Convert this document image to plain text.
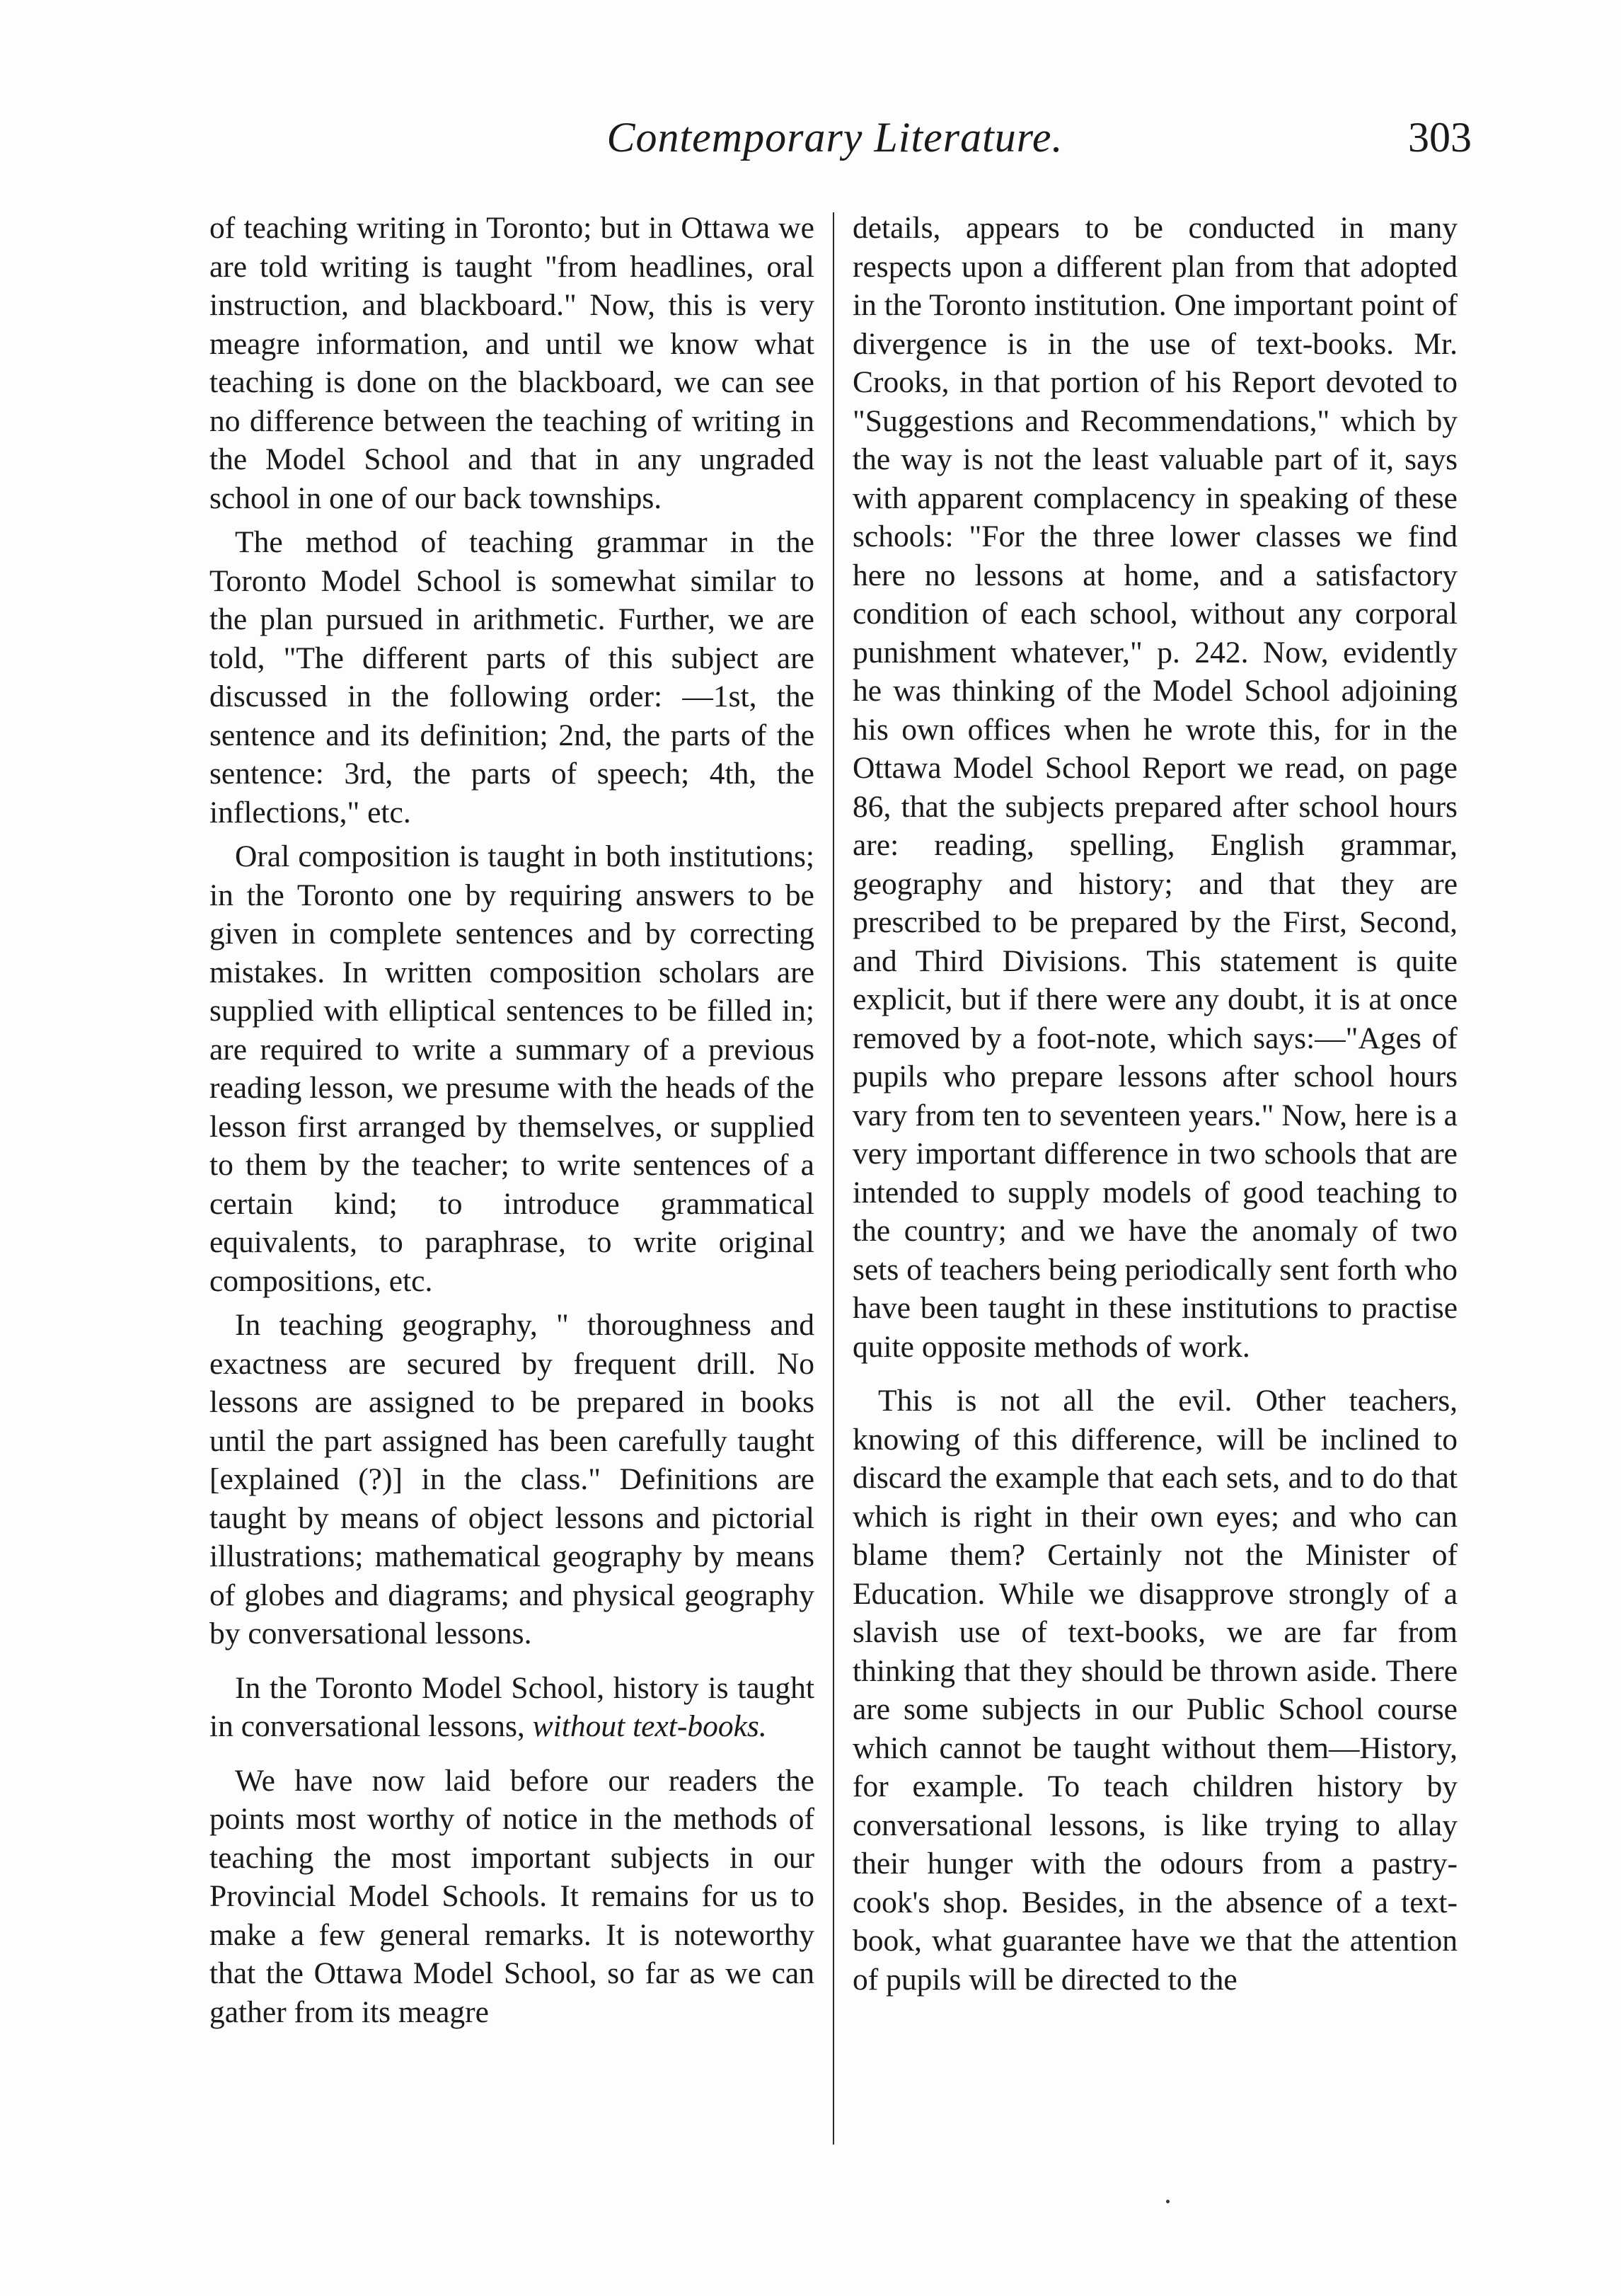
Contemporary Literature.	303

of teaching writing in Toronto; but in Ottawa we are told writing is taught "from headlines, oral instruction, and blackboard." Now, this is very meagre information, and until we know what teaching is done on the blackboard, we can see no difference between the teaching of writing in the Model School and that in any ungraded school in one of our back townships.

The method of teaching grammar in the Toronto Model School is somewhat similar to the plan pursued in arithmetic. Further, we are told, "The different parts of this subject are discussed in the following order: —1st, the sentence and its definition; 2nd, the parts of the sentence: 3rd, the parts of speech; 4th, the inflections," etc.

Oral composition is taught in both institutions; in the Toronto one by requiring answers to be given in complete sentences and by correcting mistakes. In written composition scholars are supplied with elliptical sentences to be filled in; are required to write a summary of a previous reading lesson, we presume with the heads of the lesson first arranged by themselves, or supplied to them by the teacher; to write sentences of a certain kind; to introduce grammatical equivalents, to paraphrase, to write original compositions, etc.

In teaching geography, " thoroughness and exactness are secured by frequent drill. No lessons are assigned to be prepared in books until the part assigned has been carefully taught [explained (?)] in the class." Definitions are taught by means of object lessons and pictorial illustrations; mathematical geography by means of globes and diagrams; and physical geography by conversational lessons.

In the Toronto Model School, history is taught in conversational lessons, without text-books.

We have now laid before our readers the points most worthy of notice in the methods of teaching the most important subjects in our Provincial Model Schools. It remains for us to make a few general remarks. It is noteworthy that the Ottawa Model School, so far as we can gather from its meagre

details, appears to be conducted in many respects upon a different plan from that adopted in the Toronto institution. One important point of divergence is in the use of text-books. Mr. Crooks, in that portion of his Report devoted to "Suggestions and Recommendations," which by the way is not the least valuable part of it, says with apparent complacency in speaking of these schools: "For the three lower classes we find here no lessons at home, and a satisfactory condition of each school, without any corporal punishment whatever," p. 242. Now, evidently he was thinking of the Model School adjoining his own offices when he wrote this, for in the Ottawa Model School Report we read, on page 86, that the subjects prepared after school hours are: reading, spelling, English grammar, geography and history; and that they are prescribed to be prepared by the First, Second, and Third Divisions. This statement is quite explicit, but if there were any doubt, it is at once removed by a foot-note, which says:—"Ages of pupils who prepare lessons after school hours vary from ten to seventeen years." Now, here is a very important difference in two schools that are intended to supply models of good teaching to the country; and we have the anomaly of two sets of teachers being periodically sent forth who have been taught in these institutions to practise quite opposite methods of work.

This is not all the evil. Other teachers, knowing of this difference, will be inclined to discard the example that each sets, and to do that which is right in their own eyes; and who can blame them? Certainly not the Minister of Education. While we disapprove strongly of a slavish use of text-books, we are far from thinking that they should be thrown aside. There are some subjects in our Public School course which cannot be taught without them—History, for example. To teach children history by conversational lessons, is like trying to allay their hunger with the odours from a pastry-cook's shop. Besides, in the absence of a text-book, what guarantee have we that the attention of pupils will be directed to the
